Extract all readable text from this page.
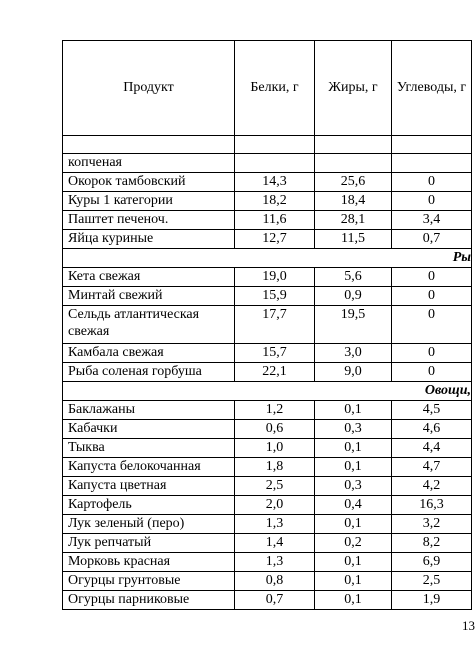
Продукт	Белки, г	Жиры, г	Углеводы, г

копченая			
Окорок тамбовский	14,3	25,6	0
Куры 1 категории	18,2	18,4	0
Паштет печеноч.	11,6	28,1	3,4
Яйца куриные	12,7	11,5	0,7
Ры			
Кета свежая	19,0	5,6	0
Минтай свежий	15,9	0,9	0
Сельдь атлантическая свежая	17,7	19,5	0
Камбала свежая	15,7	3,0	0
Рыба соленая горбуша	22,1	9,0	0
Овощи,			
Баклажаны	1,2	0,1	4,5
Кабачки	0,6	0,3	4,6
Тыква	1,0	0,1	4,4
Капуста белокочанная	1,8	0,1	4,7
Капуста цветная	2,5	0,3	4,2
Картофель	2,0	0,4	16,3
Лук зеленый (перо)	1,3	0,1	3,2
Лук репчатый	1,4	0,2	8,2
Морковь красная	1,3	0,1	6,9
Огурцы грунтовые	0,8	0,1	2,5
Огурцы парниковые	0,7	0,1	1,9
13
